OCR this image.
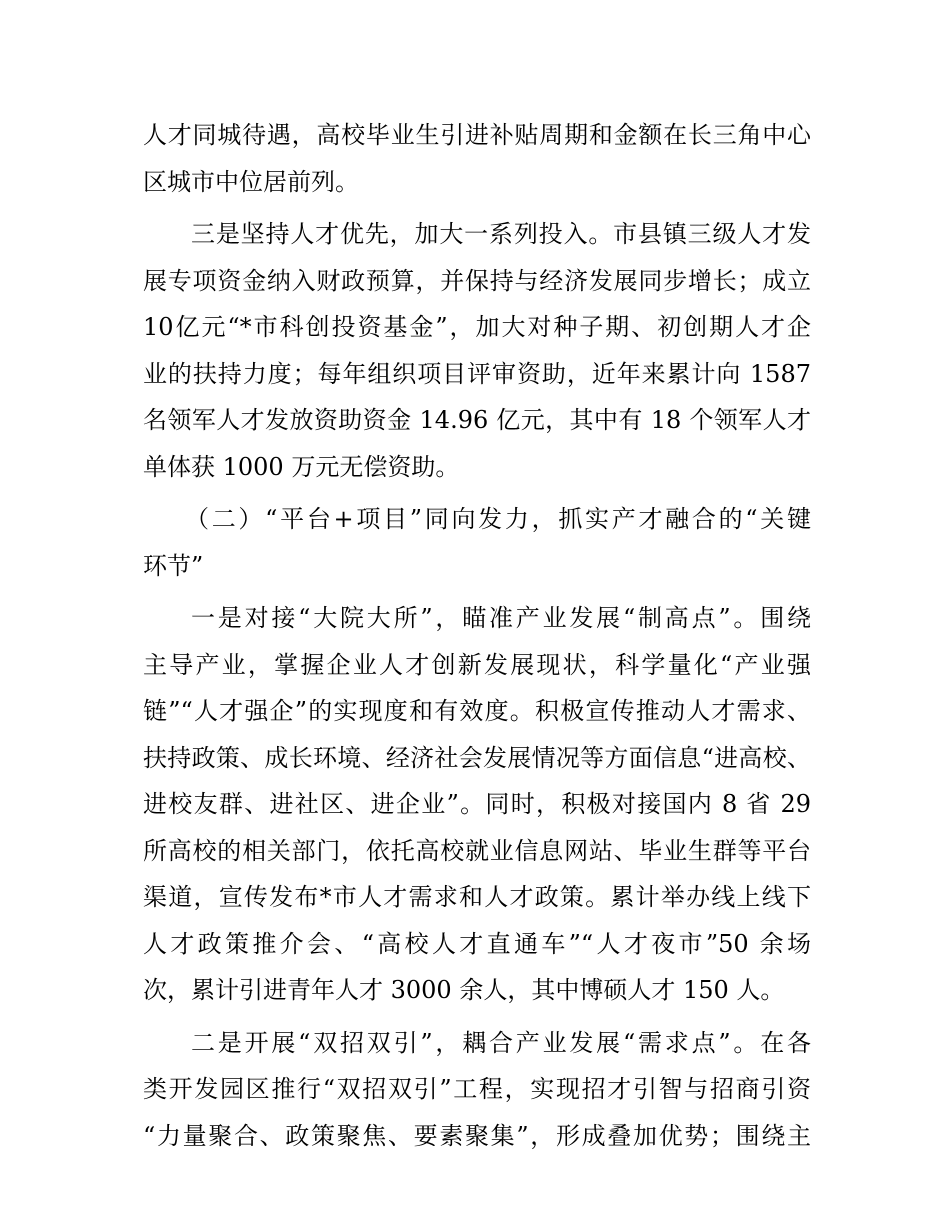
人才同城待遇，高校毕业生引进补贴周期和金额在长三角中心
区城市中位居前列。
三是坚持人才优先，加大一系列投入。市县镇三级人才发
展专项资金纳入财政预算，并保持与经济发展同步增长；成立
10亿元“*市科创投资基金”，加大对种子期、初创期人才企
业的扶持力度；每年组织项目评审资助，近年来累计向 1587
名领军人才发放资助资金 14.96 亿元，其中有 18 个领军人才
单体获 1000 万元无偿资助。
（二）“平台+项目”同向发力，抓实产才融合的“关键
环节”
一是对接“大院大所”，瞄准产业发展“制高点”。围绕
主导产业，掌握企业人才创新发展现状，科学量化“产业强
链”“人才强企”的实现度和有效度。积极宣传推动人才需求、
扶持政策、成长环境、经济社会发展情况等方面信息“进高校、
进校友群、进社区、进企业”。同时，积极对接国内 8 省 29
所高校的相关部门，依托高校就业信息网站、毕业生群等平台
渠道，宣传发布*市人才需求和人才政策。累计举办线上线下
人才政策推介会、“高校人才直通车”“人才夜市”50 余场
次，累计引进青年人才 3000 余人，其中博硕人才 150 人。
二是开展“双招双引”，耦合产业发展“需求点”。在各
类开发园区推行“双招双引”工程，实现招才引智与招商引资
“力量聚合、政策聚焦、要素聚集”，形成叠加优势；围绕主
